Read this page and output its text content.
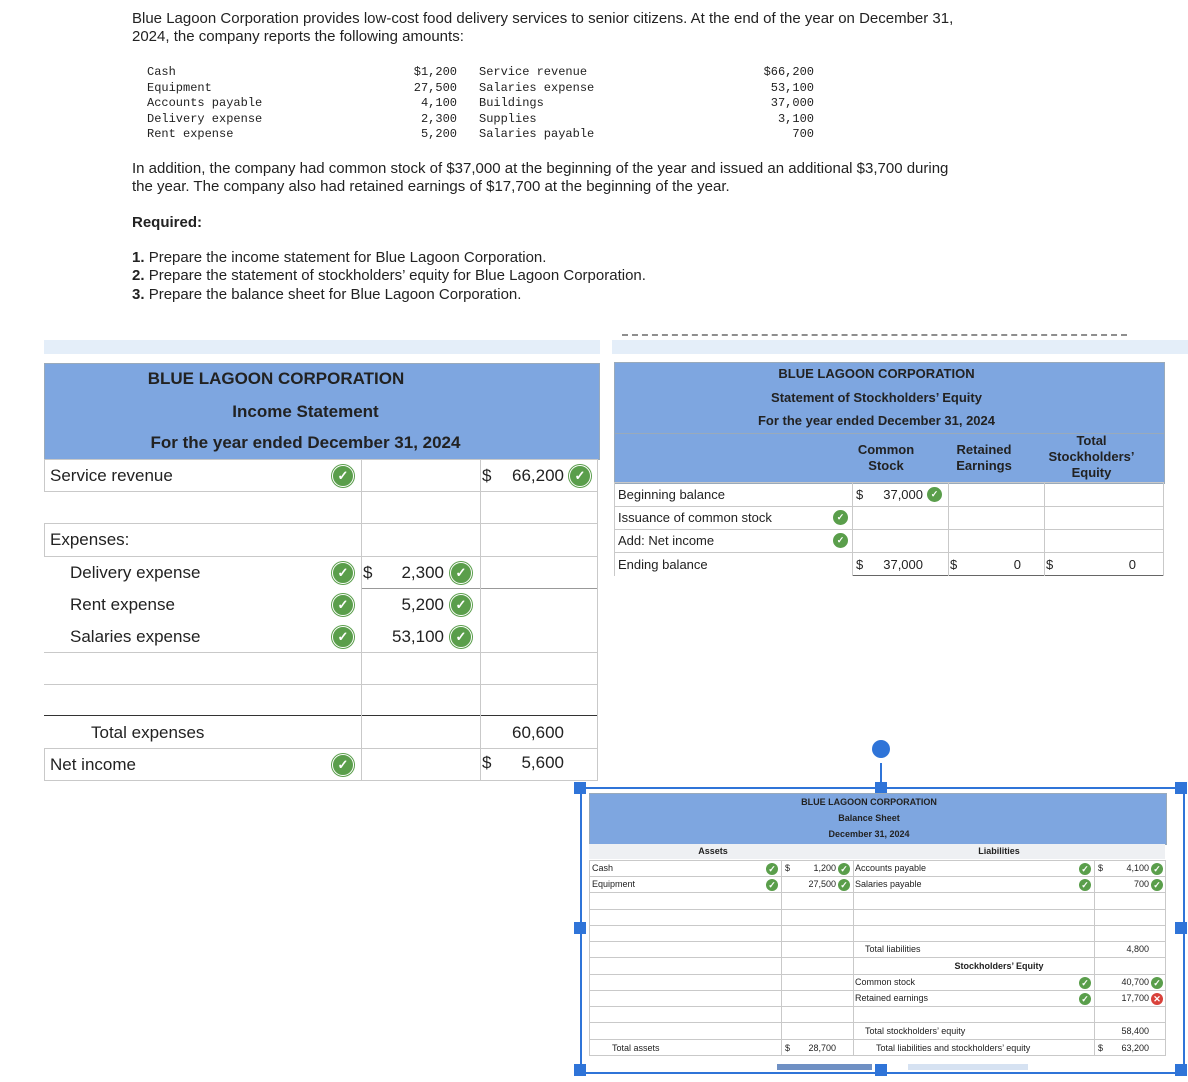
Blue Lagoon Corporation provides low-cost food delivery services to senior citizens. At the end of the year on December 31,
2024, the company reports the following amounts:
Cash	$1,200
Equipment	27,500
Accounts payable	4,100
Delivery expense	2,300
Rent expense	5,200
Service revenue	$66,200
Salaries expense	53,100
Buildings	37,000
Supplies	3,100
Salaries payable	700
In addition, the company had common stock of $37,000 at the beginning of the year and issued an additional $3,700 during
the year. The company also had retained earnings of $17,700 at the beginning of the year.
Required:
1. Prepare the income statement for Blue Lagoon Corporation.
2. Prepare the statement of stockholders’ equity for Blue Lagoon Corporation.
3. Prepare the balance sheet for Blue Lagoon Corporation.
BLUE LAGOON CORPORATION
Income Statement
For the year ended December 31, 2024
Service revenue	✓	$	66,200 ✓
Expenses:
Delivery expense	✓ $	2,300 ✓
Rent expense	✓	5,200 ✓
Salaries expense	✓	53,100 ✓
Total expenses	60,600
Net income	✓	$	5,600
BLUE LAGOON CORPORATION
Statement of Stockholders’ Equity
For the year ended December 31, 2024
Common Stock
Retained Earnings
Total Stockholders’ Equity
Beginning balance	$	37,000 ✓
Issuance of common stock	✓
Add: Net income	✓
Ending balance	$	37,000 $	0 $	0
BLUE LAGOON CORPORATION
Balance Sheet
December 31, 2024
Assets	Liabilities
Cash	✓ $	1,200 ✓ Accounts payable	✓ $	4,100 ✓
Equipment	✓	27,500 ✓ Salaries payable	✓	700 ✓
Total liabilities	4,800
Stockholders’ Equity
Common stock	✓	40,700 ✓
Retained earnings	✓	17,700 ✕
Total stockholders’ equity	58,400
Total assets	$	28,700	Total liabilities and stockholders’ equity	$	63,200
